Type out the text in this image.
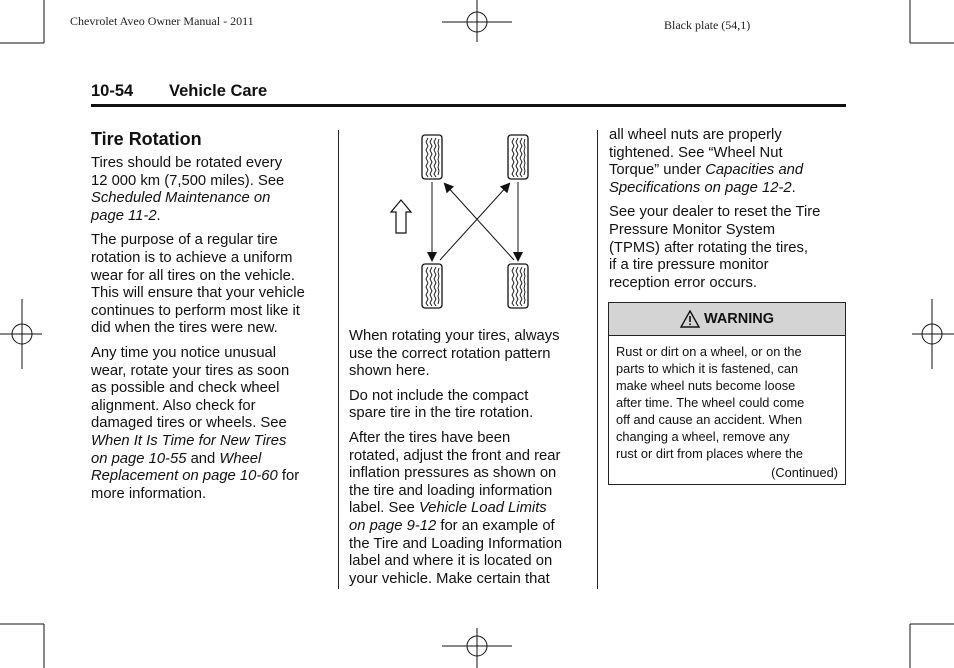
Chevrolet Aveo Owner Manual - 2011	Black plate (54,1)
10-54 Vehicle Care
Tire Rotation

Tires should be rotated every
12 000 km (7,500 miles). See
Scheduled Maintenance on
page 11-2.

The purpose of a regular tire
rotation is to achieve a uniform
wear for all tires on the vehicle.
This will ensure that your vehicle
continues to perform most like it
did when the tires were new.

Any time you notice unusual
wear, rotate your tires as soon
as possible and check wheel
alignment. Also check for
damaged tires or wheels. See
When It Is Time for New Tires
on page 10-55 and Wheel
Replacement on page 10-60 for
more information.

When rotating your tires, always
use the correct rotation pattern
shown here.

Do not include the compact
spare tire in the tire rotation.

After the tires have been
rotated, adjust the front and rear
inflation pressures as shown on
the tire and loading information
label. See Vehicle Load Limits
on page 9-12 for an example of
the Tire and Loading Information
label and where it is located on
your vehicle. Make certain that

all wheel nuts are properly
tightened. See “Wheel Nut
Torque” under Capacities and
Specifications on page 12-2.

See your dealer to reset the Tire
Pressure Monitor System
(TPMS) after rotating the tires,
if a tire pressure monitor
reception error occurs.

WARNING
Rust or dirt on a wheel, or on the
parts to which it is fastened, can
make wheel nuts become loose
after time. The wheel could come
off and cause an accident. When
changing a wheel, remove any
rust or dirt from places where the
(Continued)
